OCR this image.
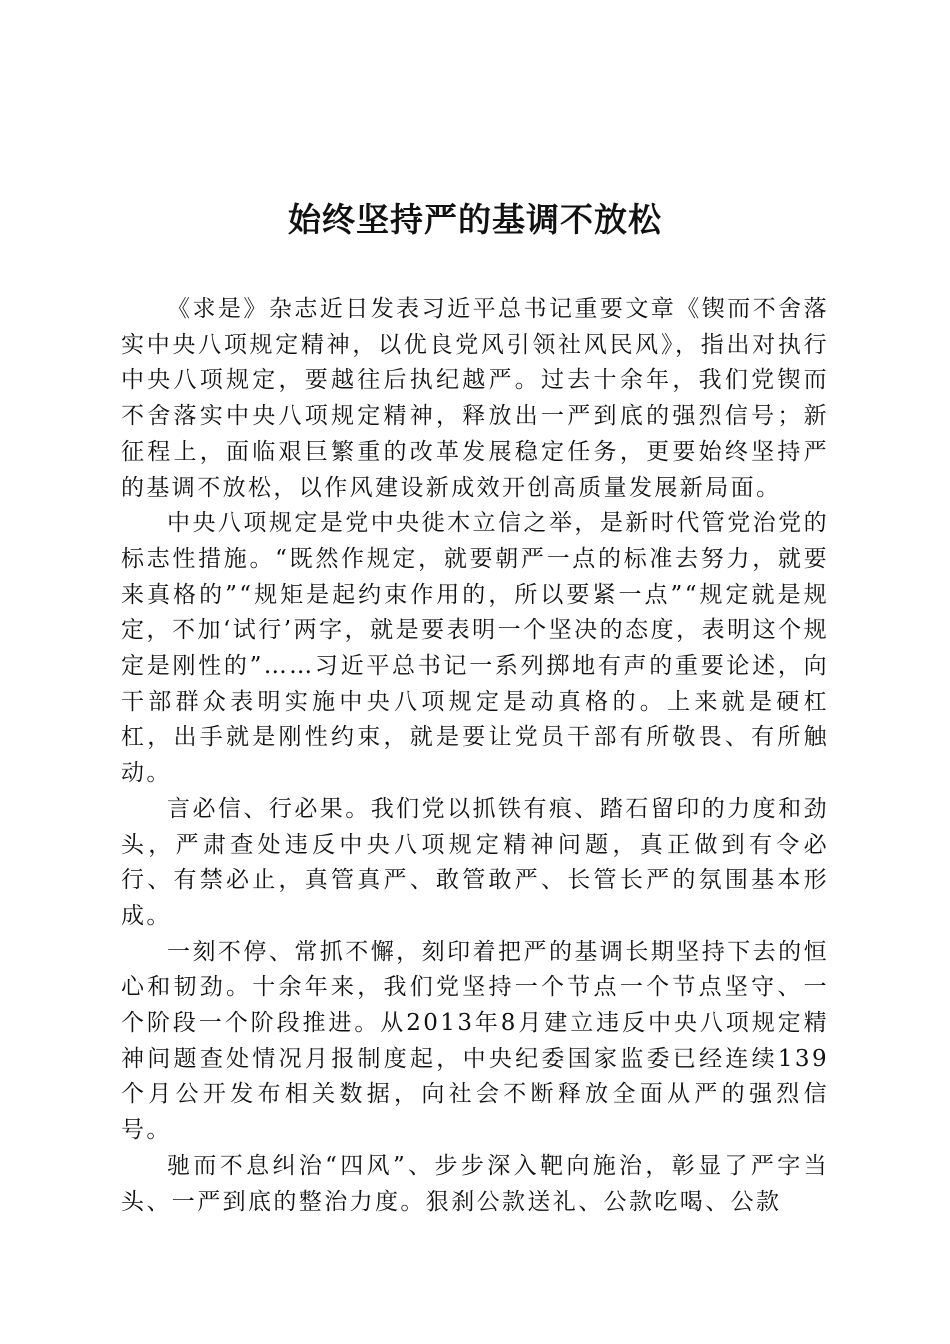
始终坚持严的基调不放松

《求是》杂志近日发表习近平总书记重要文章《锲而不舍落实中央八项规定精神，以优良党风引领社风民风》，指出对执行中央八项规定，要越往后执纪越严。过去十余年，我们党锲而不舍落实中央八项规定精神，释放出一严到底的强烈信号；新征程上，面临艰巨繁重的改革发展稳定任务，更要始终坚持严的基调不放松，以作风建设新成效开创高质量发展新局面。

中央八项规定是党中央徙木立信之举，是新时代管党治党的标志性措施。“既然作规定，就要朝严一点的标准去努力，就要来真格的”“规矩是起约束作用的，所以要紧一点”“规定就是规定，不加‘试行’两字，就是要表明一个坚决的态度，表明这个规定是刚性的”……习近平总书记一系列掷地有声的重要论述，向干部群众表明实施中央八项规定是动真格的。上来就是硬杠杠，出手就是刚性约束，就是要让党员干部有所敬畏、有所触动。

言必信、行必果。我们党以抓铁有痕、踏石留印的力度和劲头，严肃查处违反中央八项规定精神问题，真正做到有令必行、有禁必止，真管真严、敢管敢严、长管长严的氛围基本形成。

一刻不停、常抓不懈，刻印着把严的基调长期坚持下去的恒心和韧劲。十余年来，我们党坚持一个节点一个节点坚守、一个阶段一个阶段推进。从2013年8月建立违反中央八项规定精神问题查处情况月报制度起，中央纪委国家监委已经连续139个月公开发布相关数据，向社会不断释放全面从严的强烈信号。

驰而不息纠治“四风”、步步深入靶向施治，彰显了严字当头、一严到底的整治力度。狠刹公款送礼、公款吃喝、公款
